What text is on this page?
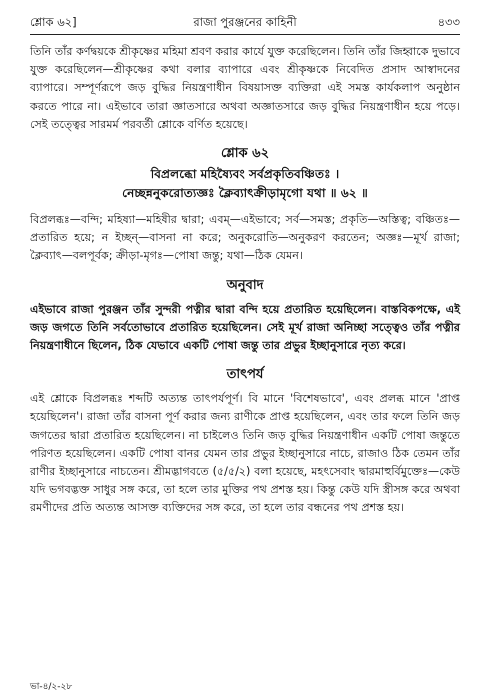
শ্লোক ৬২]	রাজা পুরঞ্জনের কাহিনী	৪৩৩

তিনি তাঁর কর্ণদ্বয়কে শ্রীকৃষ্ণের মহিমা শ্রবণ করার কার্যে যুক্ত করেছিলেন। তিনি তাঁর জিহ্বাকে দুভাবে যুক্ত করেছিলেন—শ্রীকৃষ্ণের কথা বলার ব্যাপারে এবং শ্রীকৃষ্ণকে নিবেদিত প্রসাদ আস্বাদনের ব্যাপারে। সম্পূর্ণরূপে জড় বুদ্ধির নিয়ন্ত্রণাধীন বিষয়াসক্ত ব্যক্তিরা এই সমস্ত কার্যকলাপ অনুষ্ঠান করতে পারে না। এইভাবে তারা জ্ঞাতসারে অথবা অজ্ঞাতসারে জড় বুদ্ধির নিয়ন্ত্রণাধীন হয়ে পড়ে। সেই তত্ত্বের সারমর্ম পরবর্তী শ্লোকে বর্ণিত হয়েছে।

শ্লোক ৬২
বিপ্রলব্ধো মহিষ্যৈবং সর্বপ্রকৃতিবঞ্চিতঃ ।
নেচ্ছন্ননুকরোত্যজ্ঞঃ ক্লৈব্যাৎক্রীড়ামৃগো যথা ॥ ৬২ ॥

বিপ্রলব্ধঃ—বন্দি; মহিষ্যা—মহিষীর দ্বারা; এবম্—এইভাবে; সর্ব—সমস্ত; প্রকৃতি—অস্তিত্ব; বঞ্চিতঃ—প্রতারিত হয়ে; ন ইচ্ছন্—বাসনা না করে; অনুকরোতি—অনুকরণ করতেন; অজ্ঞঃ—মূর্খ রাজা; ক্লৈব্যাৎ—বলপূর্বক; ক্রীড়া-মৃগঃ—পোষা জন্তু; যথা—ঠিক যেমন।

অনুবাদ

এইভাবে রাজা পুরঞ্জন তাঁর সুন্দরী পত্নীর দ্বারা বন্দি হয়ে প্রতারিত হয়েছিলেন। বাস্তবিকপক্ষে, এই জড় জগতে তিনি সর্বতোভাবে প্রতারিত হয়েছিলেন। সেই মূর্খ রাজা অনিচ্ছা সত্ত্বেও তাঁর পত্নীর নিয়ন্ত্রণাধীনে ছিলেন, ঠিক যেভাবে একটি পোষা জন্তু তার প্রভুর ইচ্ছানুসারে নৃত্য করে।

তাৎপর্য

এই শ্লোকে বিপ্রলব্ধঃ শব্দটি অত্যন্ত তাৎপর্যপূর্ণ। বি মানে 'বিশেষভাবে', এবং প্রলব্ধ মানে 'প্রাপ্ত হয়েছিলেন'। রাজা তাঁর বাসনা পূর্ণ করার জন্য রাণীকে প্রাপ্ত হয়েছিলেন, এবং তার ফলে তিনি জড় জগতের দ্বারা প্রতারিত হয়েছিলেন। না চাইলেও তিনি জড় বুদ্ধির নিয়ন্ত্রণাধীন একটি পোষা জন্তুতে পরিণত হয়েছিলেন। একটি পোষা বানর যেমন তার প্রভুর ইচ্ছানুসারে নাচে, রাজাও ঠিক তেমন তাঁর রাণীর ইচ্ছানুসারে নাচতেন। শ্রীমদ্ভাগবতে (৫/৫/২) বলা হয়েছে, মহৎসেবাং দ্বারমাহুর্বিমুক্তেঃ—কেউ যদি ভগবদ্ভক্ত সাধুর সঙ্গ করে, তা হলে তার মুক্তির পথ প্রশস্ত হয়। কিন্তু কেউ যদি স্ত্রীসঙ্গ করে অথবা রমণীদের প্রতি অত্যন্ত আসক্ত ব্যক্তিদের সঙ্গ করে, তা হলে তার বন্ধনের পথ প্রশস্ত হয়।

ভা-৪/২-২৮
